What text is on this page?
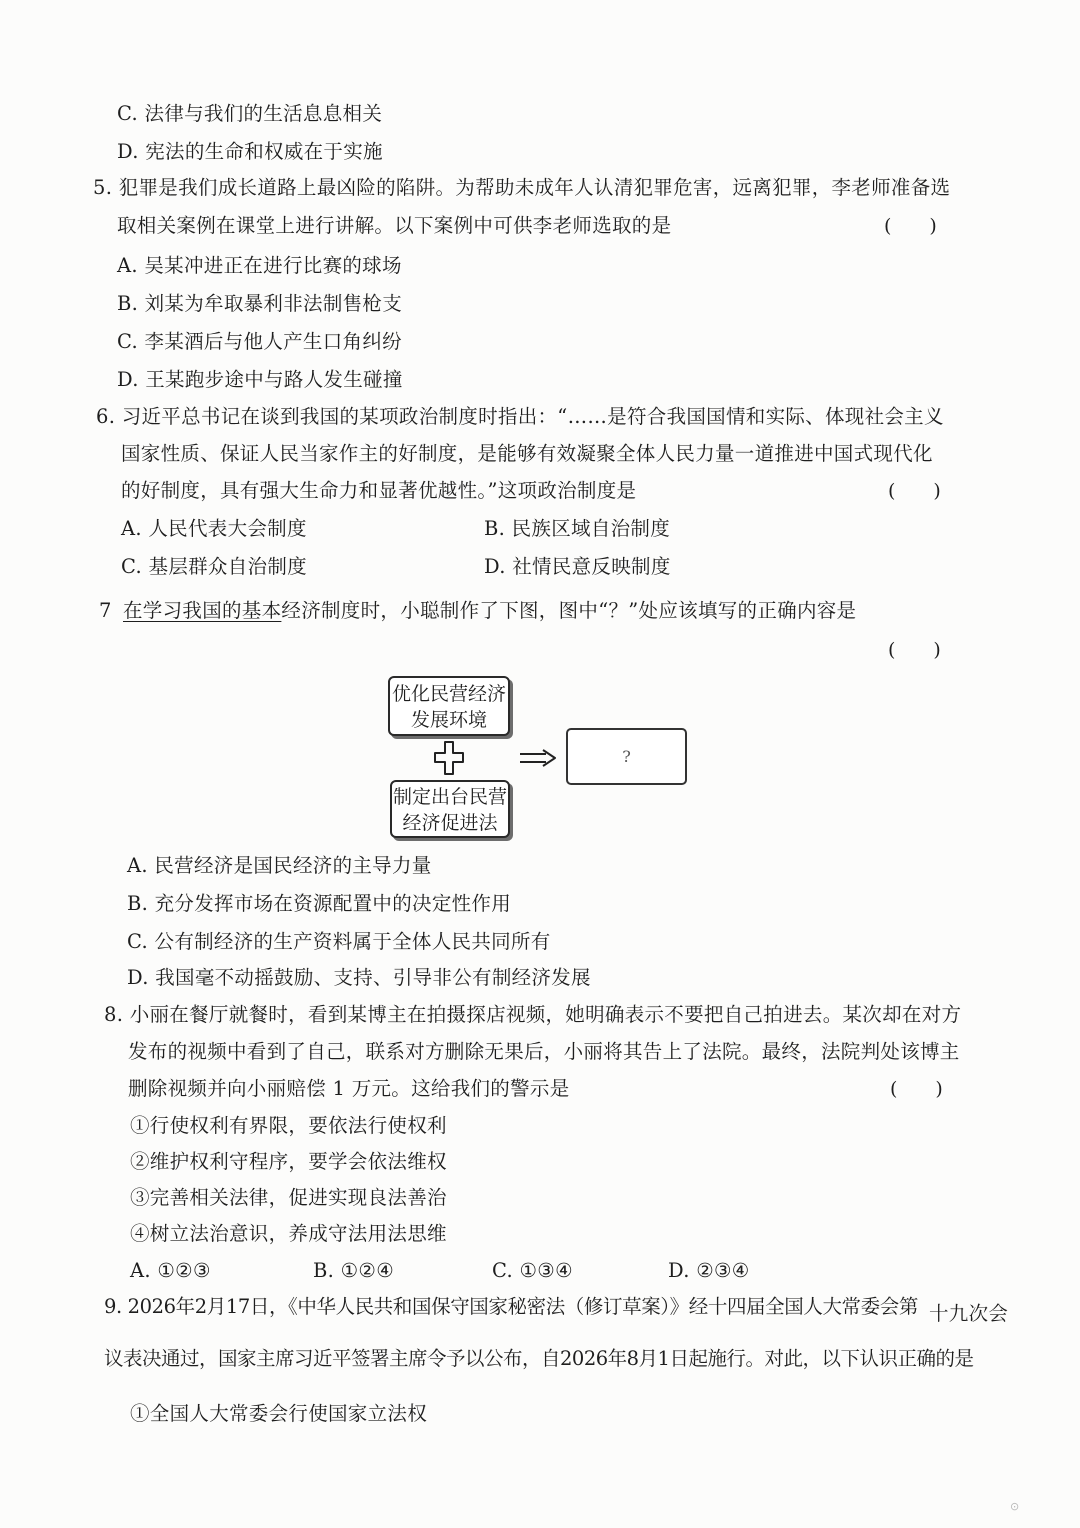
C. 法律与我们的生活息息相关
D. 宪法的生命和权威在于实施
5. 犯罪是我们成长道路上最凶险的陷阱。为帮助未成年人认清犯罪危害，远离犯罪，李老师准备选
取相关案例在课堂上进行讲解。以下案例中可供李老师选取的是	(　　)
A. 吴某冲进正在进行比赛的球场
B. 刘某为牟取暴利非法制售枪支
C. 李某酒后与他人产生口角纠纷
D. 王某跑步途中与路人发生碰撞
6. 习近平总书记在谈到我国的某项政治制度时指出：“……是符合我国国情和实际、体现社会主义
国家性质、保证人民当家作主的好制度，是能够有效凝聚全体人民力量一道推进中国式现代化
的好制度，具有强大生命力和显著优越性。”这项政治制度是	(　　)
A. 人民代表大会制度	B. 民族区域自治制度
C. 基层群众自治制度	D. 社情民意反映制度
7 在学习我国的基本经济制度时，小聪制作了下图，图中“？”处应该填写的正确内容是
(　　)
优化民营经济
发展环境
制定出台民营
经济促进法
?
A. 民营经济是国民经济的主导力量
B. 充分发挥市场在资源配置中的决定性作用
C. 公有制经济的生产资料属于全体人民共同所有
D. 我国毫不动摇鼓励、支持、引导非公有制经济发展
8. 小丽在餐厅就餐时，看到某博主在拍摄探店视频，她明确表示不要把自己拍进去。某次却在对方
发布的视频中看到了自己，联系对方删除无果后，小丽将其告上了法院。最终，法院判处该博主
删除视频并向小丽赔偿 1 万元。这给我们的警示是	(　　)
①行使权利有界限，要依法行使权利
②维护权利守程序，要学会依法维权
③完善相关法律，促进实现良法善治
④树立法治意识，养成守法用法思维
A. ①②③	B. ①②④	C. ①③④	D. ②③④
9. 2026年2月17日，《中华人民共和国保守国家秘密法（修订草案）》经十四届全国人大常委会第 十九次会
议表决通过，国家主席习近平签署主席令予以公布，自2026年8月1日起施行。对此，以下认识正确的是
①全国人大常委会行使国家立法权
⊙
